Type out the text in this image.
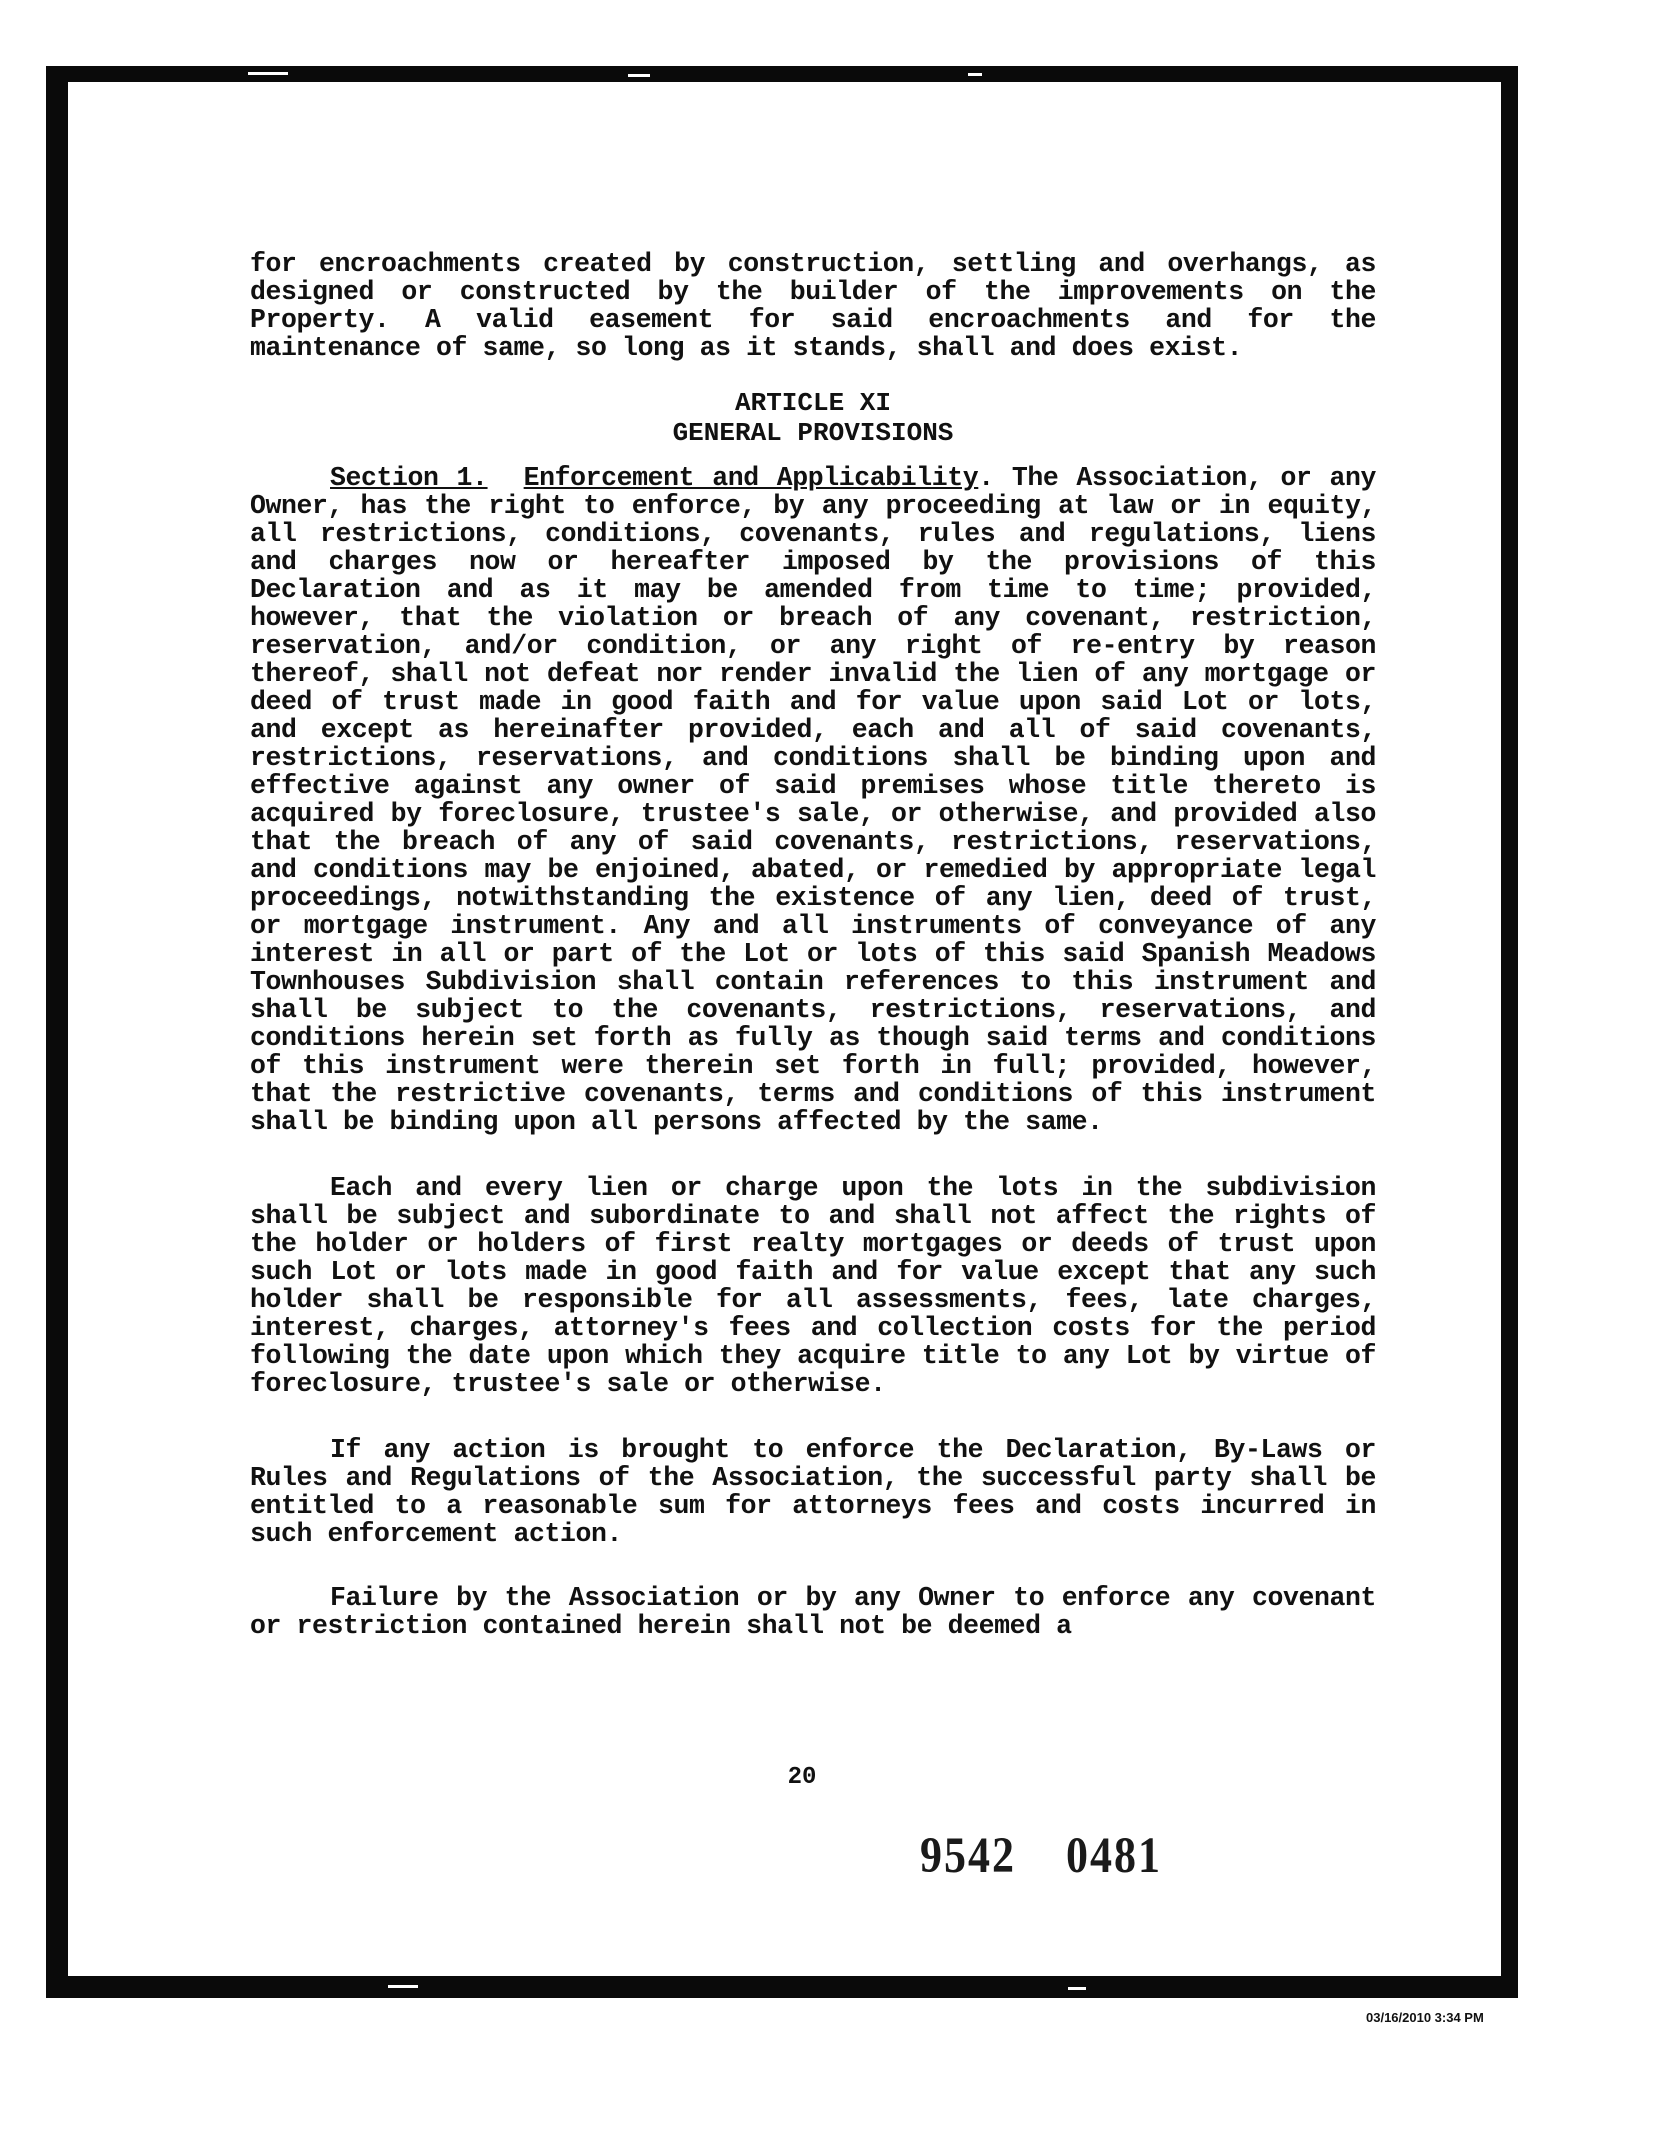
for encroachments created by construction, settling and overhangs, as designed or constructed by the builder of the improvements on the Property. A valid easement for said encroachments and for the maintenance of same, so long as it stands, shall and does exist.

ARTICLE XI

GENERAL PROVISIONS

Section 1. Enforcement and Applicability. The Association, or any Owner, has the right to enforce, by any proceeding at law or in equity, all restrictions, conditions, covenants, rules and regulations, liens and charges now or hereafter imposed by the provisions of this Declaration and as it may be amended from time to time; provided, however, that the violation or breach of any covenant, restriction, reservation, and/or condition, or any right of re-entry by reason thereof, shall not defeat nor render invalid the lien of any mortgage or deed of trust made in good faith and for value upon said Lot or lots, and except as hereinafter provided, each and all of said covenants, restrictions, reservations, and conditions shall be binding upon and effective against any owner of said premises whose title thereto is acquired by foreclosure, trustee's sale, or otherwise, and provided also that the breach of any of said covenants, restrictions, reservations, and conditions may be enjoined, abated, or remedied by appropriate legal proceedings, notwithstanding the existence of any lien, deed of trust, or mortgage instrument. Any and all instruments of conveyance of any interest in all or part of the Lot or lots of this said Spanish Meadows Townhouses Subdivision shall contain references to this instrument and shall be subject to the covenants, restrictions, reservations, and conditions herein set forth as fully as though said terms and conditions of this instrument were therein set forth in full; provided, however, that the restrictive covenants, terms and conditions of this instrument shall be binding upon all persons affected by the same.

Each and every lien or charge upon the lots in the subdivision shall be subject and subordinate to and shall not affect the rights of the holder or holders of first realty mortgages or deeds of trust upon such Lot or lots made in good faith and for value except that any such holder shall be responsible for all assessments, fees, late charges, interest, charges, attorney's fees and collection costs for the period following the date upon which they acquire title to any Lot by virtue of foreclosure, trustee's sale or otherwise.

If any action is brought to enforce the Declaration, By-Laws or Rules and Regulations of the Association, the successful party shall be entitled to a reasonable sum for attorneys fees and costs incurred in such enforcement action.

Failure by the Association or by any Owner to enforce any covenant or restriction contained herein shall not be deemed a

20
9542 0481
03/16/2010 3:34 PM
